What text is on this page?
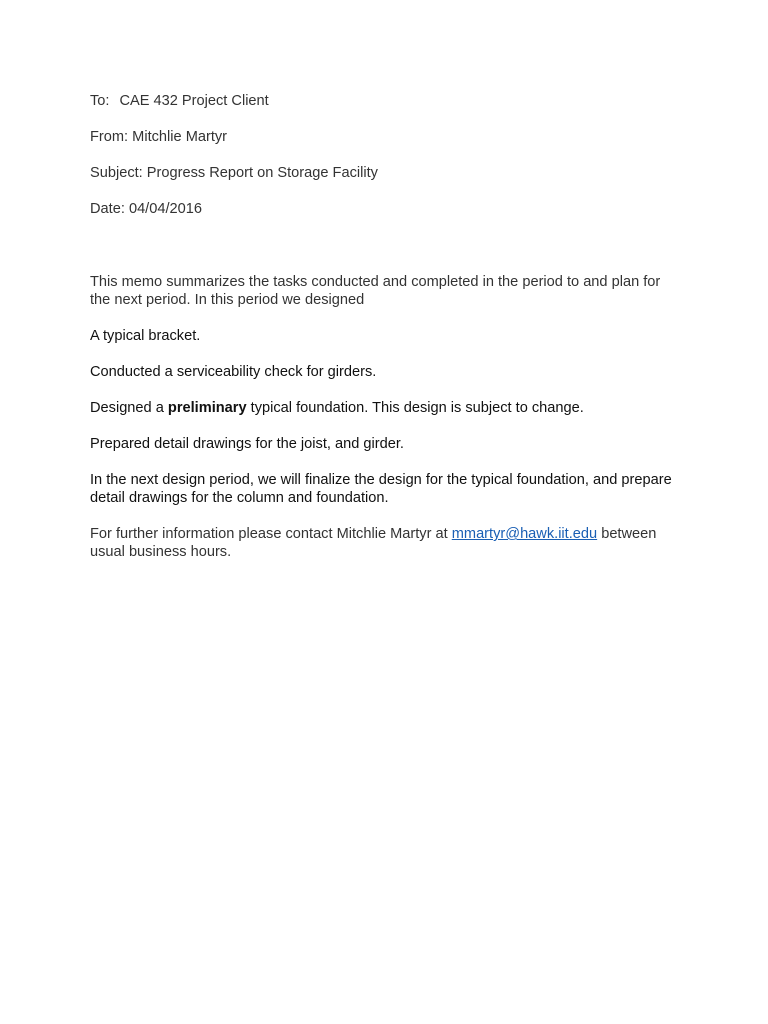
To: CAE 432 Project Client
From: Mitchlie Martyr
Subject: Progress Report on Storage Facility
Date: 04/04/2016

This memo summarizes the tasks conducted and completed in the period to and plan for the next period. In this period we designed

A typical bracket.

Conducted a serviceability check for girders.

Designed a preliminary typical foundation. This design is subject to change.

Prepared detail drawings for the joist, and girder.

In the next design period, we will finalize the design for the typical foundation, and prepare detail drawings for the column and foundation.

For further information please contact Mitchlie Martyr at mmartyr@hawk.iit.edu between usual business hours.
